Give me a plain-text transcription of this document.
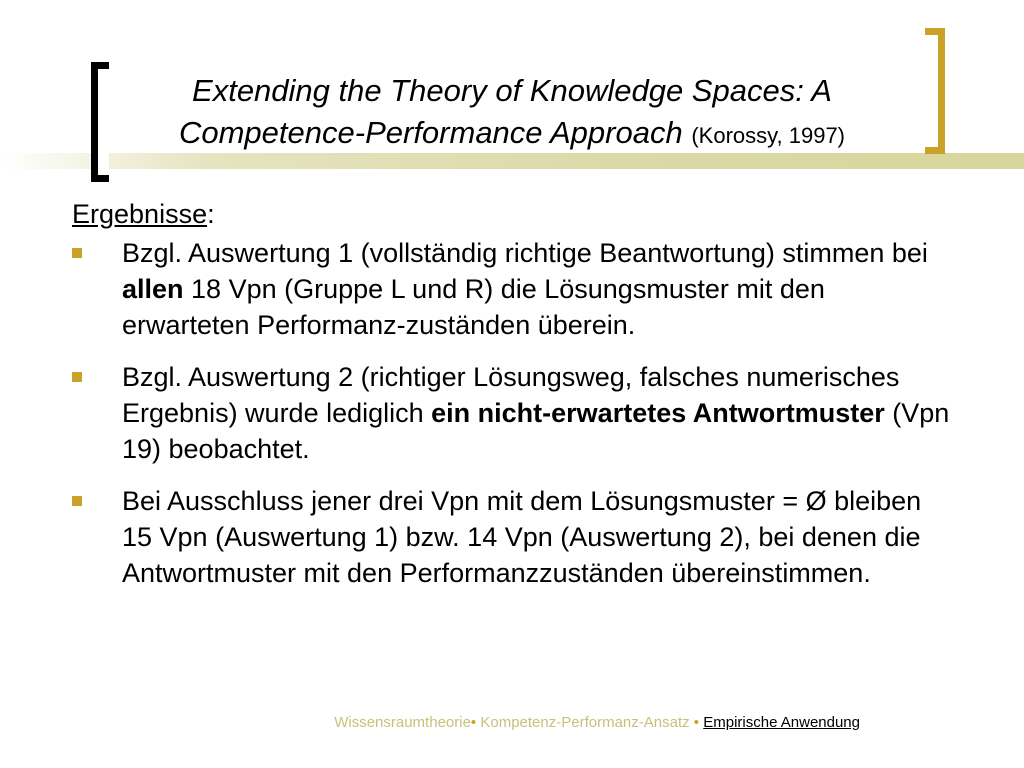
Extending the Theory of Knowledge Spaces: A
Competence-Performance Approach (Korossy, 1997)
Ergebnisse:
Bzgl. Auswertung 1 (vollständig richtige Beantwortung) stimmen bei allen 18 Vpn (Gruppe L und R) die Lösungsmuster mit den erwarteten Performanz-zuständen überein.
Bzgl. Auswertung 2 (richtiger Lösungsweg, falsches numerisches Ergebnis) wurde lediglich ein nicht-erwartetes Antwortmuster (Vpn 19) beobachtet.
Bei Ausschluss jener drei Vpn mit dem Lösungsmuster = Ø bleiben 15 Vpn (Auswertung 1) bzw. 14 Vpn (Auswertung 2), bei denen die Antwortmuster mit den Performanzzuständen übereinstimmen.
Wissensraumtheorie• Kompetenz-Performanz-Ansatz • Empirische Anwendung
